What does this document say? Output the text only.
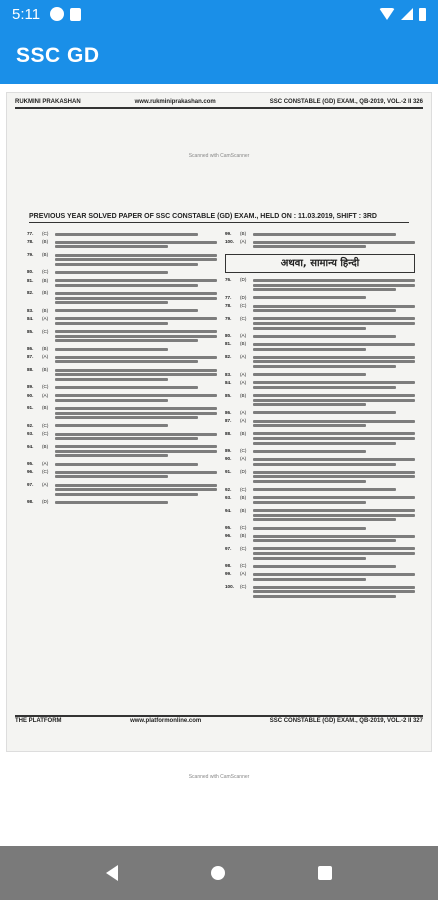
5:11
SSC GD
RUKMINI PRAKASHAN	www.rukminiprakashan.com	SSC CONSTABLE (GD) EXAM., QB-2019, VOL.-2 II 326
Scanned with CamScanner
PREVIOUS YEAR SOLVED PAPER OF SSC CONSTABLE (GD) EXAM., HELD ON : 11.03.2019, SHIFT : 3RD
77.	(C)
78.	(B)
79.	(B)
80.	(C)
81.	(B)
82.	(B)
83.	(B)
84.	(A)
85.	(C)
86.	(B)
87.	(A)
88.	(B)
89.	(C)
90.	(A)
91.	(B)
92.	(C)
93.	(C)
94.	(B)
95.	(A)
96.	(C)
97.	(A)
98.	(D)
99.	(B)
100.	(A)
अथवा, सामान्य हिन्दी
76.	(D)
77.	(D)
78.	(C)
79.	(C)
80.	(A)
81.	(B)
82.	(A)
83.	(A)
84.	(A)
85.	(B)
86.	(A)
87.	(A)
88.	(B)
89.	(C)
90.	(A)
91.	(D)
92.	(C)
93.	(B)
94.	(B)
95.	(C)
96.	(B)
97.	(C)
98.	(C)
99.	(A)
100.	(C)
THE PLATFORM	www.platformonline.com	SSC CONSTABLE (GD) EXAM., QB-2019, VOL.-2 II 327
Scanned with CamScanner
